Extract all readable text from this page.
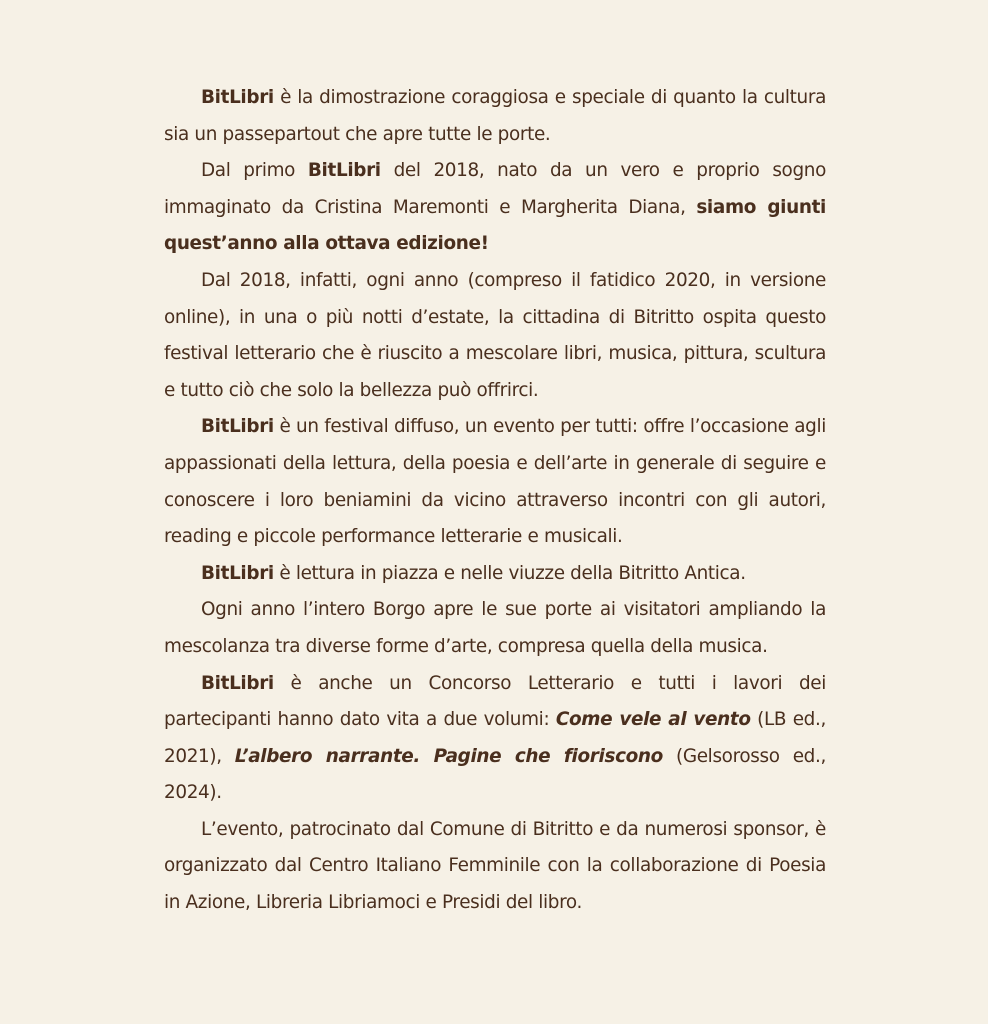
BitLibri è la dimostrazione coraggiosa e speciale di quanto la cultura sia un passepartout che apre tutte le porte.

Dal primo BitLibri del 2018, nato da un vero e proprio sogno immaginato da Cristina Maremonti e Margherita Diana, siamo giunti quest’anno alla ottava edizione!

Dal 2018, infatti, ogni anno (compreso il fatidico 2020, in versione online), in una o più notti d’estate, la cittadina di Bitritto ospita questo festival letterario che è riuscito a mescolare libri, musica, pittura, scultura e tutto ciò che solo la bellezza può offrirci.

BitLibri è un festival diffuso, un evento per tutti: offre l’occasione agli appassionati della lettura, della poesia e dell’arte in generale di seguire e conoscere i loro beniamini da vicino attraverso incontri con gli autori, reading e piccole performance letterarie e musicali.

BitLibri è lettura in piazza e nelle viuzze della Bitritto Antica.

Ogni anno l’intero Borgo apre le sue porte ai visitatori ampliando la mescolanza tra diverse forme d’arte, compresa quella della musica.

BitLibri è anche un Concorso Letterario e tutti i lavori dei partecipanti hanno dato vita a due volumi: Come vele al vento (LB ed., 2021), L’albero narrante. Pagine che fioriscono (Gelsorosso ed., 2024).

L’evento, patrocinato dal Comune di Bitritto e da numerosi sponsor, è organizzato dal Centro Italiano Femminile con la collaborazione di Poesia in Azione, Libreria Libriamoci e Presidi del libro.
